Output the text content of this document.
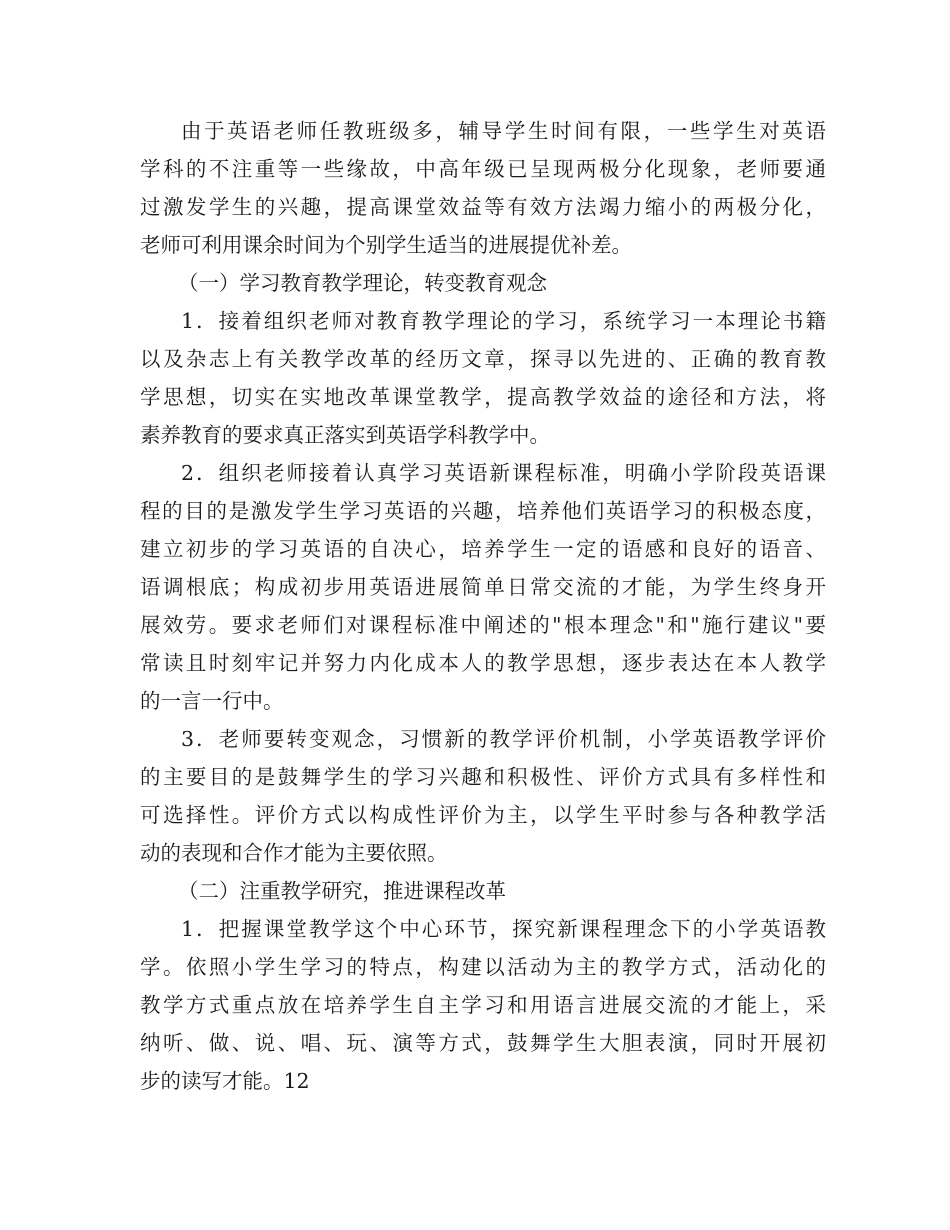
由于英语老师任教班级多，辅导学生时间有限，一些学生对英语
学科的不注重等一些缘故，中高年级已呈现两极分化现象，老师要通
过激发学生的兴趣，提高课堂效益等有效方法竭力缩小的两极分化，
老师可利用课余时间为个别学生适当的进展提优补差。
（一）学习教育教学理论，转变教育观念
1．接着组织老师对教育教学理论的学习，系统学习一本理论书籍
以及杂志上有关教学改革的经历文章，探寻以先进的、正确的教育教
学思想，切实在实地改革课堂教学，提高教学效益的途径和方法，将
素养教育的要求真正落实到英语学科教学中。
2．组织老师接着认真学习英语新课程标准，明确小学阶段英语课
程的目的是激发学生学习英语的兴趣，培养他们英语学习的积极态度，
建立初步的学习英语的自决心，培养学生一定的语感和良好的语音、
语调根底；构成初步用英语进展简单日常交流的才能，为学生终身开
展效劳。要求老师们对课程标准中阐述的"根本理念"和"施行建议"要
常读且时刻牢记并努力内化成本人的教学思想，逐步表达在本人教学
的一言一行中。
3．老师要转变观念，习惯新的教学评价机制，小学英语教学评价
的主要目的是鼓舞学生的学习兴趣和积极性、评价方式具有多样性和
可选择性。评价方式以构成性评价为主，以学生平时参与各种教学活
动的表现和合作才能为主要依照。
（二）注重教学研究，推进课程改革
1．把握课堂教学这个中心环节，探究新课程理念下的小学英语教
学。依照小学生学习的特点，构建以活动为主的教学方式，活动化的
教学方式重点放在培养学生自主学习和用语言进展交流的才能上，采
纳听、做、说、唱、玩、演等方式，鼓舞学生大胆表演，同时开展初
步的读写才能。12
